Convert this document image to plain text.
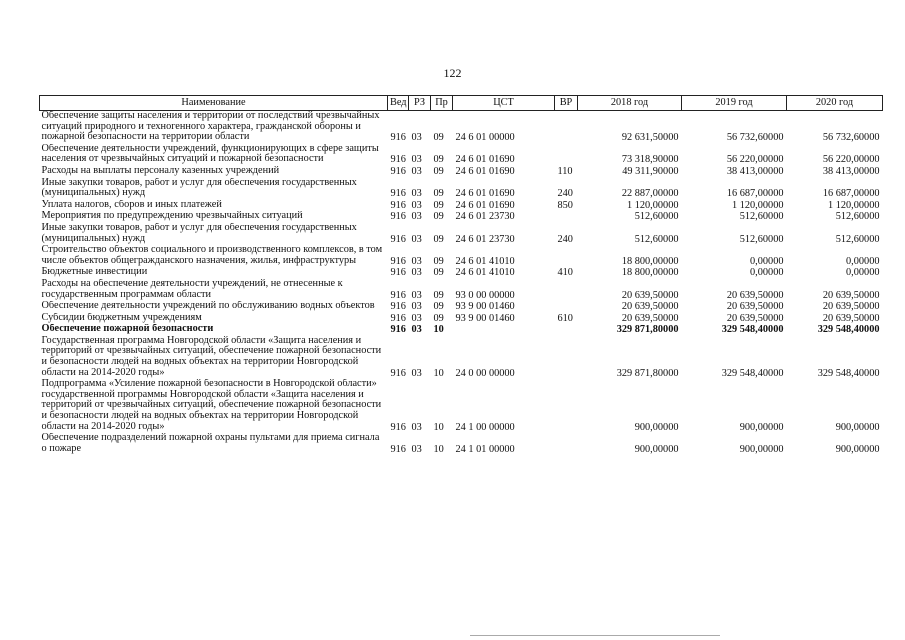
122
Наименование	Вед	РЗ	Пр	ЦСТ	ВР	2018 год	2019 год	2020 год
Обеспечение защиты населения и территории от последствий чрезвычайных ситуаций природного и техногенного характера, гражданской обороны и пожарной безопасности на территории области	916	03	09	24 6 01 00000		92 631,50000	56 732,60000	56 732,60000
Обеспечение деятельности учреждений, функционирующих в сфере защиты населения от чрезвычайных ситуаций и пожарной безопасности	916	03	09	24 6 01 01690		73 318,90000	56 220,00000	56 220,00000
Расходы на выплаты персоналу казенных учреждений	916	03	09	24 6 01 01690	110	49 311,90000	38 413,00000	38 413,00000
Иные закупки товаров, работ и услуг для обеспечения государственных (муниципальных) нужд	916	03	09	24 6 01 01690	240	22 887,00000	16 687,00000	16 687,00000
Уплата налогов, сборов и иных платежей	916	03	09	24 6 01 01690	850	1 120,00000	1 120,00000	1 120,00000
Мероприятия по предупреждению чрезвычайных ситуаций	916	03	09	24 6 01 23730		512,60000	512,60000	512,60000
Иные закупки товаров, работ и услуг для обеспечения государственных (муниципальных) нужд	916	03	09	24 6 01 23730	240	512,60000	512,60000	512,60000
Строительство объектов социального и производственного комплексов, в том числе объектов общегражданского назначения, жилья, инфраструктуры	916	03	09	24 6 01 41010		18 800,00000	0,00000	0,00000
Бюджетные инвестиции	916	03	09	24 6 01 41010	410	18 800,00000	0,00000	0,00000
Расходы на обеспечение деятельности учреждений, не отнесенные к государственным программам области	916	03	09	93 0 00 00000		20 639,50000	20 639,50000	20 639,50000
Обеспечение деятельности учреждений по обслуживанию водных объектов	916	03	09	93 9 00 01460		20 639,50000	20 639,50000	20 639,50000
Субсидии бюджетным учреждениям	916	03	09	93 9 00 01460	610	20 639,50000	20 639,50000	20 639,50000
Обеспечение пожарной безопасности	916	03	10			329 871,80000	329 548,40000	329 548,40000
Государственная программа Новгородской области «Защита населения и территорий от чрезвычайных ситуаций, обеспечение пожарной безопасности и безопасности людей на водных объектах на территории Новгородской области на 2014-2020 годы»	916	03	10	24 0 00 00000		329 871,80000	329 548,40000	329 548,40000
Подпрограмма «Усиление пожарной безопасности в Новгородской области» государственной программы Новгородской области «Защита населения и территорий от чрезвычайных ситуаций, обеспечение пожарной безопасности и безопасности людей на водных объектах на территории Новгородской области на 2014-2020 годы»	916	03	10	24 1 00 00000		900,00000	900,00000	900,00000
Обеспечение подразделений пожарной охраны пультами для приема сигнала о пожаре	916	03	10	24 1 01 00000		900,00000	900,00000	900,00000
